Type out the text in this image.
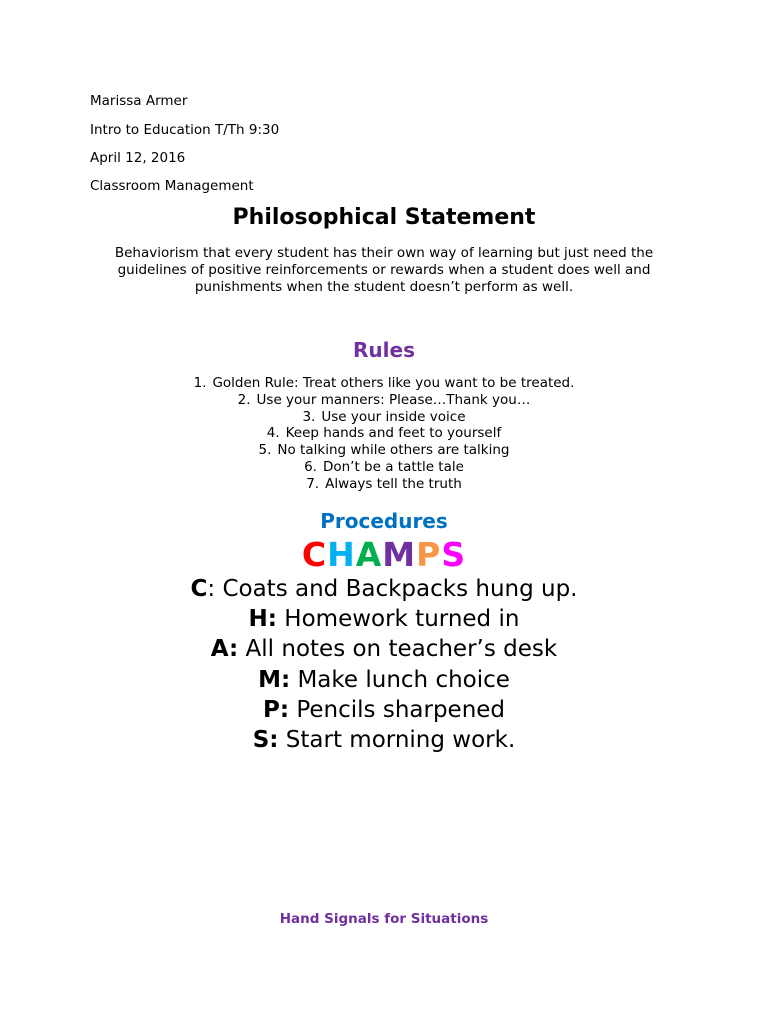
Marissa Armer
Intro to Education T/Th 9:30
April 12, 2016
Classroom Management
Philosophical Statement
Behaviorism that every student has their own way of learning but just need the guidelines of positive reinforcements or rewards when a student does well and punishments when the student doesn’t perform as well.
Rules
1. Golden Rule: Treat others like you want to be treated.
2. Use your manners: Please…Thank you…
3. Use your inside voice
4. Keep hands and feet to yourself
5. No talking while others are talking
6. Don’t be a tattle tale
7. Always tell the truth
Procedures
CHAMPS
C: Coats and Backpacks hung up.
H: Homework turned in
A: All notes on teacher’s desk
M: Make lunch choice
P: Pencils sharpened
S: Start morning work.
Hand Signals for Situations
